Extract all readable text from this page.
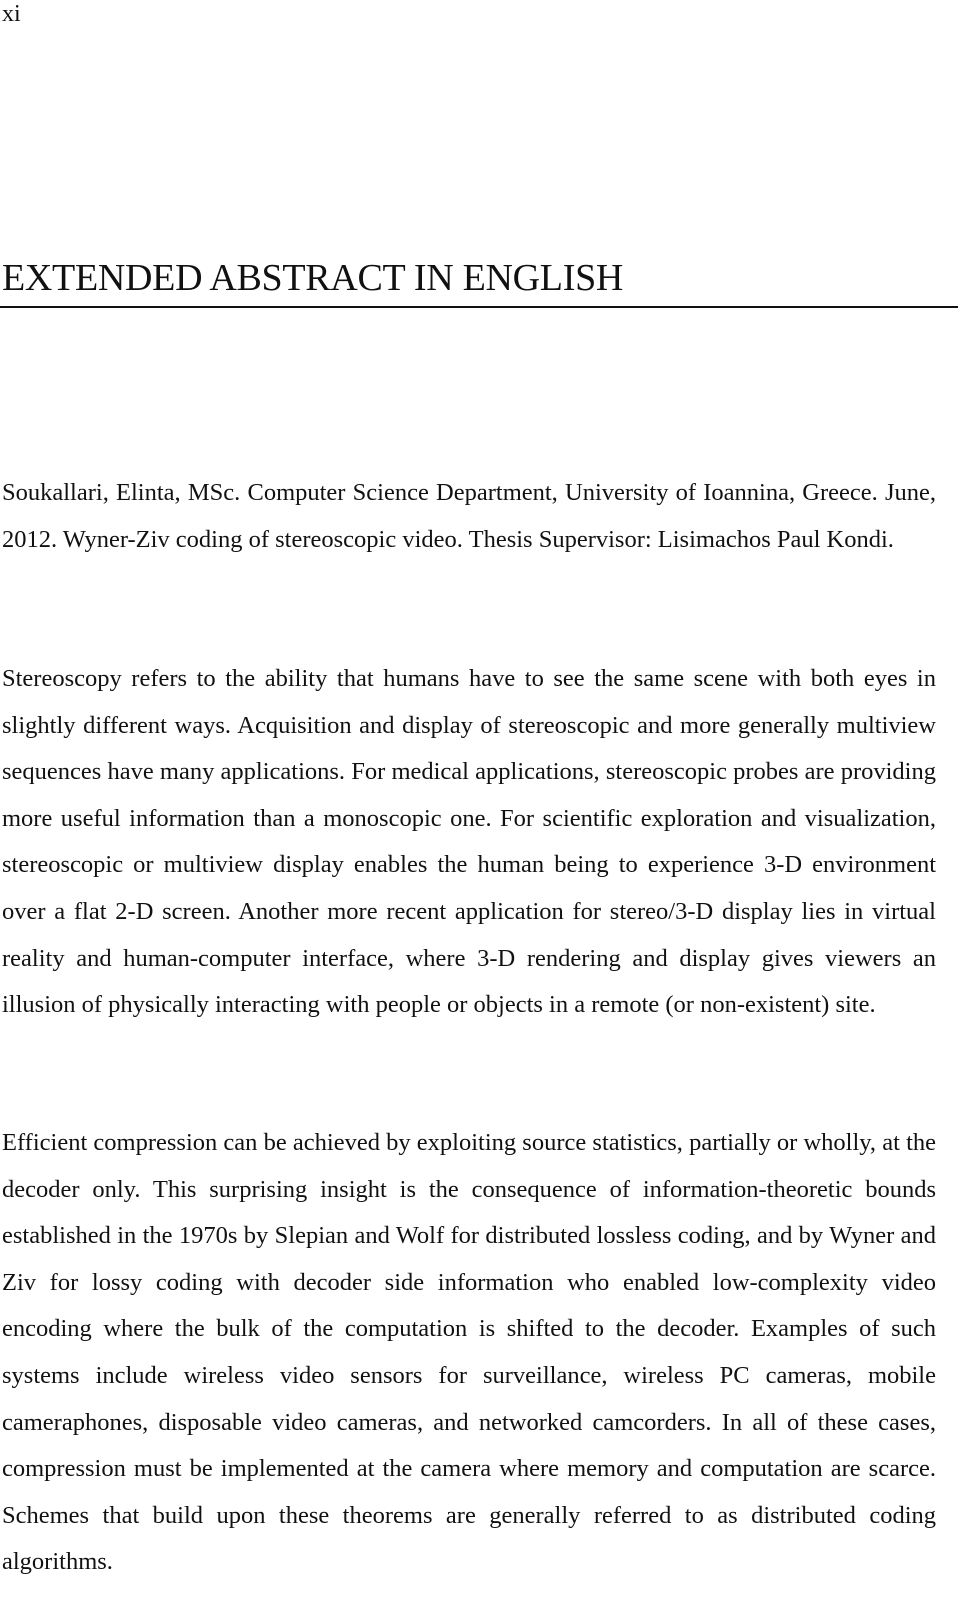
xi
EXTENDED ABSTRACT IN ENGLISH

Soukallari, Elinta, MSc. Computer Science Department, University of Ioannina, Greece. June, 2012. Wyner-Ziv coding of stereoscopic video. Thesis Supervisor: Lisimachos Paul Kondi.

Stereoscopy refers to the ability that humans have to see the same scene with both eyes in slightly different ways. Acquisition and display of stereoscopic and more generally multiview sequences have many applications. For medical applications, stereoscopic probes are providing more useful information than a monoscopic one. For scientific exploration and visualization, stereoscopic or multiview display enables the human being to experience 3-D environment over a flat 2-D screen. Another more recent application for stereo/3-D display lies in virtual reality and human-computer interface, where 3-D rendering and display gives viewers an illusion of physically interacting with people or objects in a remote (or non-existent) site.

Efficient compression can be achieved by exploiting source statistics, partially or wholly, at the decoder only. This surprising insight is the consequence of information-theoretic bounds established in the 1970s by Slepian and Wolf for distributed lossless coding, and by Wyner and Ziv for lossy coding with decoder side information who enabled low-complexity video encoding where the bulk of the computation is shifted to the decoder. Examples of such systems include wireless video sensors for surveillance, wireless PC cameras, mobile cameraphones, disposable video cameras, and networked camcorders. In all of these cases, compression must be implemented at the camera where memory and computation are scarce. Schemes that build upon these theorems are generally referred to as distributed coding algorithms.
